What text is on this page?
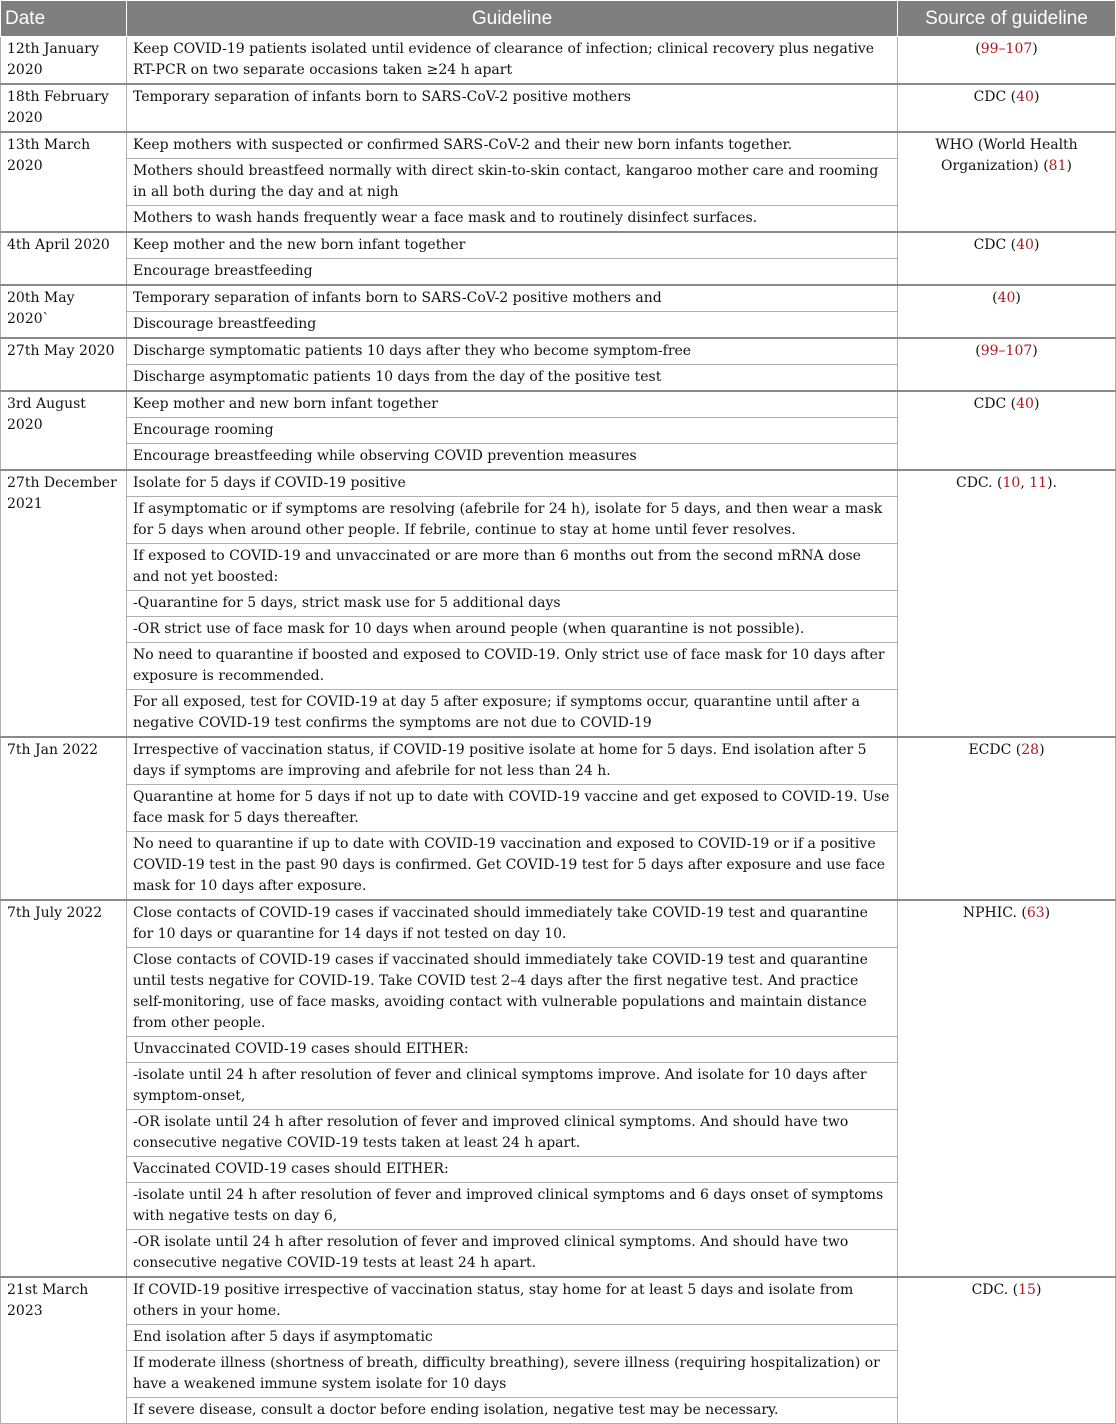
Date	Guideline	Source of guideline
12th January 2020	Keep COVID-19 patients isolated until evidence of clearance of infection; clinical recovery plus negative RT-PCR on two separate occasions taken ≥24 h apart	(99–107)
18th February 2020	Temporary separation of infants born to SARS-CoV-2 positive mothers	CDC (40)
13th March 2020	Keep mothers with suspected or confirmed SARS-CoV-2 and their new born infants together.	WHO (World Health Organization) (81)
	Mothers should breastfeed normally with direct skin-to-skin contact, kangaroo mother care and rooming in all both during the day and at nigh	
	Mothers to wash hands frequently wear a face mask and to routinely disinfect surfaces.	
4th April 2020	Keep mother and the new born infant together	CDC (40)
	Encourage breastfeeding	
20th May 2020`	Temporary separation of infants born to SARS-CoV-2 positive mothers and	(40)
	Discourage breastfeeding	
27th May 2020	Discharge symptomatic patients 10 days after they who become symptom-free	(99–107)
	Discharge asymptomatic patients 10 days from the day of the positive test	
3rd August 2020	Keep mother and new born infant together	CDC (40)
	Encourage rooming	
	Encourage breastfeeding while observing COVID prevention measures	
27th December 2021	Isolate for 5 days if COVID-19 positive	CDC. (10, 11).
	If asymptomatic or if symptoms are resolving (afebrile for 24 h), isolate for 5 days, and then wear a mask for 5 days when around other people. If febrile, continue to stay at home until fever resolves.	
	If exposed to COVID-19 and unvaccinated or are more than 6 months out from the second mRNA dose and not yet boosted:	
	-Quarantine for 5 days, strict mask use for 5 additional days	
	-OR strict use of face mask for 10 days when around people (when quarantine is not possible).	
	No need to quarantine if boosted and exposed to COVID-19. Only strict use of face mask for 10 days after exposure is recommended.	
	For all exposed, test for COVID-19 at day 5 after exposure; if symptoms occur, quarantine until after a negative COVID-19 test confirms the symptoms are not due to COVID-19	
7th Jan 2022	Irrespective of vaccination status, if COVID-19 positive isolate at home for 5 days. End isolation after 5 days if symptoms are improving and afebrile for not less than 24 h.	ECDC (28)
	Quarantine at home for 5 days if not up to date with COVID-19 vaccine and get exposed to COVID-19. Use face mask for 5 days thereafter.	
	No need to quarantine if up to date with COVID-19 vaccination and exposed to COVID-19 or if a positive COVID-19 test in the past 90 days is confirmed. Get COVID-19 test for 5 days after exposure and use face mask for 10 days after exposure.	
7th July 2022	Close contacts of COVID-19 cases if vaccinated should immediately take COVID-19 test and quarantine for 10 days or quarantine for 14 days if not tested on day 10.	NPHIC. (63)
	Close contacts of COVID-19 cases if vaccinated should immediately take COVID-19 test and quarantine until tests negative for COVID-19. Take COVID test 2–4 days after the first negative test. And practice self-monitoring, use of face masks, avoiding contact with vulnerable populations and maintain distance from other people.	
	Unvaccinated COVID-19 cases should EITHER:	
	-isolate until 24 h after resolution of fever and clinical symptoms improve. And isolate for 10 days after symptom-onset,	
	-OR isolate until 24 h after resolution of fever and improved clinical symptoms. And should have two consecutive negative COVID-19 tests taken at least 24 h apart.	
	Vaccinated COVID-19 cases should EITHER:	
	-isolate until 24 h after resolution of fever and improved clinical symptoms and 6 days onset of symptoms with negative tests on day 6,	
	-OR isolate until 24 h after resolution of fever and improved clinical symptoms. And should have two consecutive negative COVID-19 tests at least 24 h apart.	
21st March 2023	If COVID-19 positive irrespective of vaccination status, stay home for at least 5 days and isolate from others in your home.	CDC. (15)
	End isolation after 5 days if asymptomatic	
	If moderate illness (shortness of breath, difficulty breathing), severe illness (requiring hospitalization) or have a weakened immune system isolate for 10 days	
	If severe disease, consult a doctor before ending isolation, negative test may be necessary.	
